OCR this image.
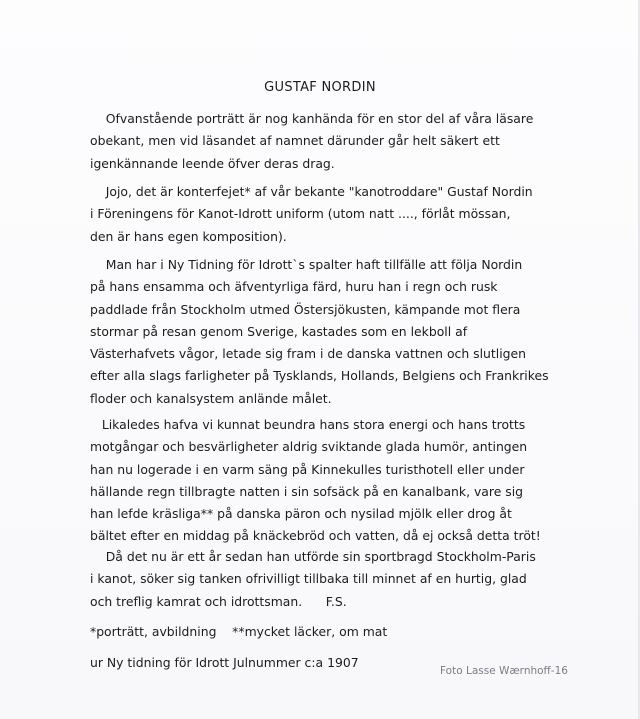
GUSTAF NORDIN

Ofvanstående porträtt är nog kanhända för en stor del af våra läsare
obekant, men vid läsandet af namnet därunder går helt säkert ett
igenkännande leende öfver deras drag.

Jojo, det är konterfejet* af vår bekante "kanotroddare" Gustaf Nordin
i Föreningens för Kanot-Idrott uniform (utom natt ...., förlåt mössan,
den är hans egen komposition).

Man har i Ny Tidning för Idrott`s spalter haft tillfälle att följa Nordin
på hans ensamma och äfventyrliga färd, huru han i regn och rusk
paddlade från Stockholm utmed Östersjökusten, kämpande mot flera
stormar på resan genom Sverige, kastades som en lekboll af
Västerhafvets vågor, letade sig fram i de danska vattnen och slutligen
efter alla slags farligheter på Tysklands, Hollands, Belgiens och Frankrikes
floder och kanalsystem anlände målet.

Likaledes hafva vi kunnat beundra hans stora energi och hans trotts
motgångar och besvärligheter aldrig sviktande glada humör, antingen
han nu logerade i en varm säng på Kinnekulles turisthotell eller under
hällande regn tillbragte natten i sin sofsäck på en kanalbank, vare sig
han lefde kräsliga** på danska päron och nysilad mjölk eller drog åt
bältet efter en middag på knäckebröd och vatten, då ej också detta tröt!

Då det nu är ett år sedan han utförde sin sportbragd Stockholm-Paris
i kanot, söker sig tanken ofrivilligt tillbaka till minnet af en hurtig, glad
och treflig kamrat och idrottsman.      F.S.

*porträtt, avbildning    **mycket läcker, om mat

ur Ny tidning för Idrott Julnummer c:a 1907

Foto Lasse Wærnhoff-16
